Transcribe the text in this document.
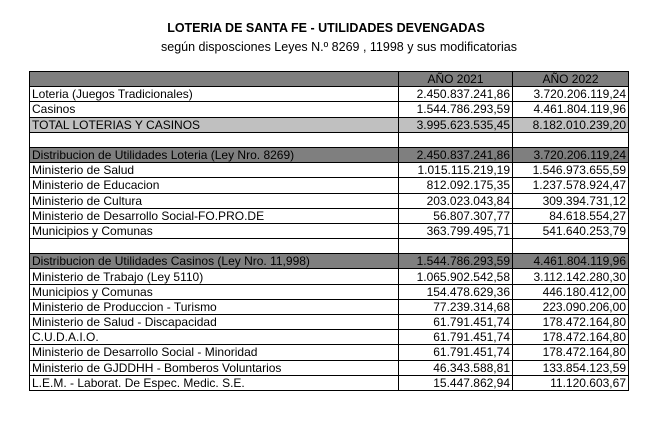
LOTERIA DE SANTA FE - UTILIDADES DEVENGADAS
según disposciones Leyes N.º 8269 , 11998 y sus modificatorias
	AÑO 2021	AÑO 2022
Loteria (Juegos Tradicionales)	2.450.837.241,86	3.720.206.119,24
Casinos	1.544.786.293,59	4.461.804.119,96
TOTAL LOTERIAS Y CASINOS	3.995.623.535,45	8.182.010.239,20

Distribucion de Utilidades Loteria (Ley Nro. 8269)	2.450.837.241,86	3.720.206.119,24
Ministerio de Salud	1.015.115.219,19	1.546.973.655,59
Ministerio de Educacion	812.092.175,35	1.237.578.924,47
Ministerio de Cultura	203.023.043,84	309.394.731,12
Ministerio de Desarrollo Social-FO.PRO.DE	56.807.307,77	84.618.554,27
Municipios y Comunas	363.799.495,71	541.640.253,79

Distribucion de Utilidades Casinos (Ley Nro. 11,998)	1.544.786.293,59	4.461.804.119,96
Ministerio de Trabajo (Ley 5110)	1.065.902.542,58	3.112.142.280,30
Municipios y Comunas	154.478.629,36	446.180.412,00
Ministerio de Produccion - Turismo	77.239.314,68	223.090.206,00
Ministerio de Salud - Discapacidad	61.791.451,74	178.472.164,80
C.U.D.A.I.O.	61.791.451,74	178.472.164,80
Ministerio de Desarrollo Social - Minoridad	61.791.451,74	178.472.164,80
Ministerio de GJDDHH - Bomberos Voluntarios	46.343.588,81	133.854.123,59
L.E.M. - Laborat. De Espec. Medic. S.E.	15.447.862,94	11.120.603,67
